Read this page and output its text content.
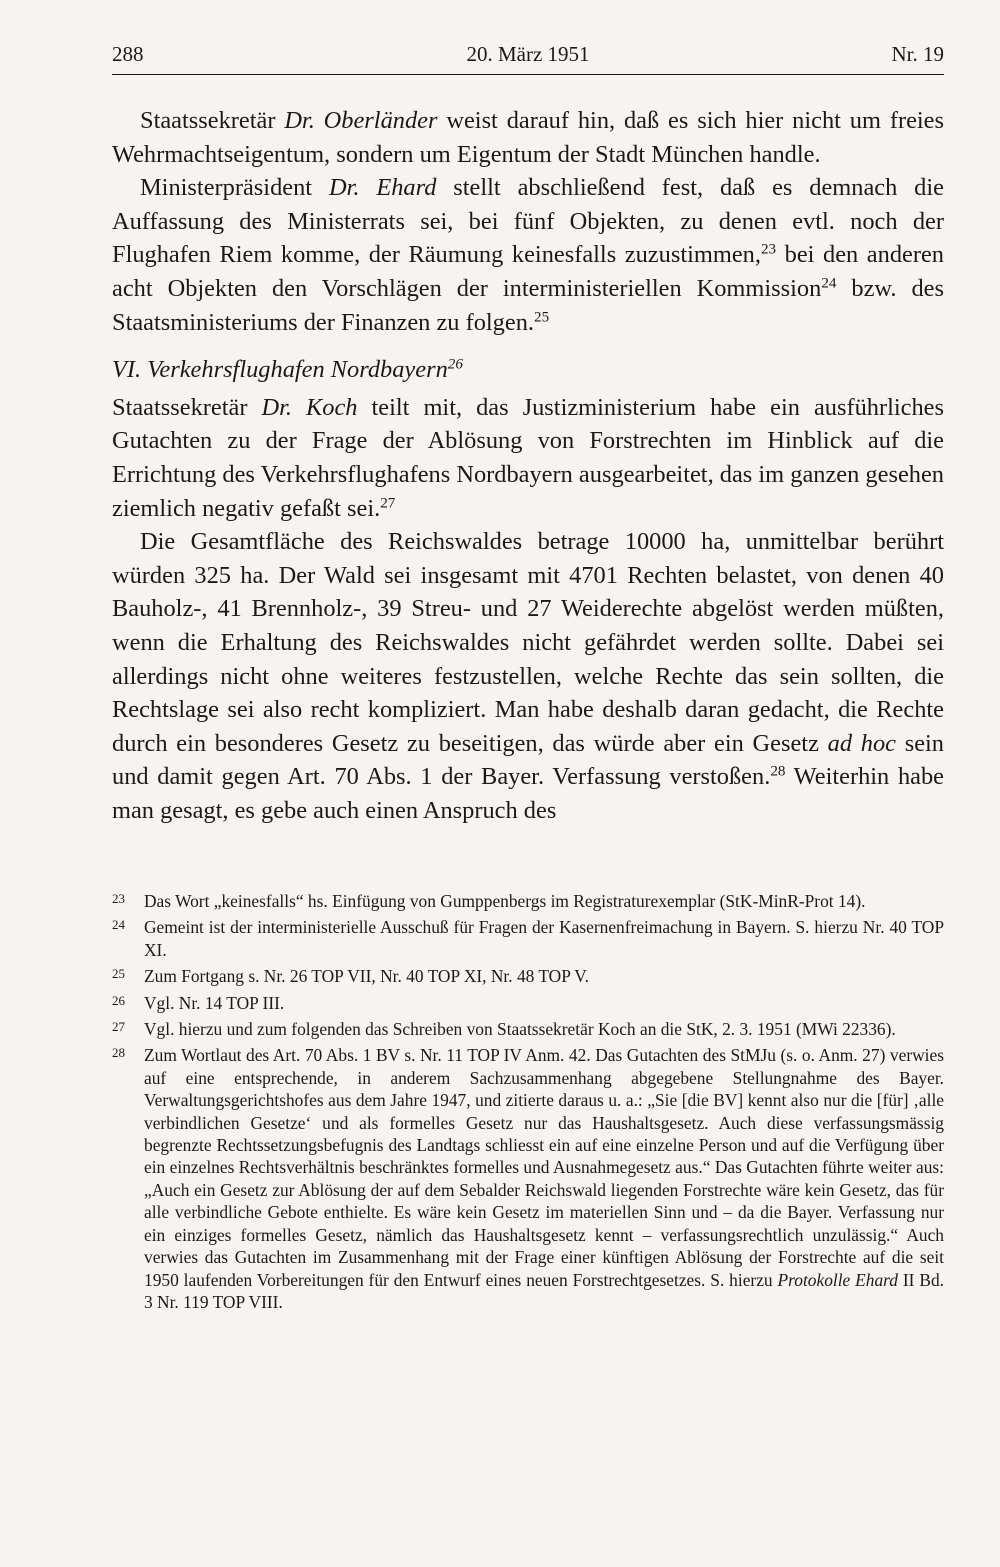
288	20. März 1951	Nr. 19

Staatssekretär Dr. Oberländer weist darauf hin, daß es sich hier nicht um freies Wehrmachtseigentum, sondern um Eigentum der Stadt München handle.

Ministerpräsident Dr. Ehard stellt abschließend fest, daß es demnach die Auffassung des Ministerrats sei, bei fünf Objekten, zu denen evtl. noch der Flughafen Riem komme, der Räumung keinesfalls zuzustimmen,$^{23}$ bei den anderen acht Objekten den Vorschlägen der interministeriellen Kommission$^{24}$ bzw. des Staatsministeriums der Finanzen zu folgen.$^{25}$

VI. Verkehrsflughafen Nordbayern$^{26}$

Staatssekretär Dr. Koch teilt mit, das Justizministerium habe ein ausführliches Gutachten zu der Frage der Ablösung von Forstrechten im Hinblick auf die Errichtung des Verkehrsflughafens Nordbayern ausgearbeitet, das im ganzen gesehen ziemlich negativ gefaßt sei.$^{27}$

Die Gesamtfläche des Reichswaldes betrage 10000 ha, unmittelbar berührt würden 325 ha. Der Wald sei insgesamt mit 4701 Rechten belastet, von denen 40 Bauholz-, 41 Brennholz-, 39 Streu- und 27 Weiderechte abgelöst werden müßten, wenn die Erhaltung des Reichswaldes nicht gefährdet werden sollte. Dabei sei allerdings nicht ohne weiteres festzustellen, welche Rechte das sein sollten, die Rechtslage sei also recht kompliziert. Man habe deshalb daran gedacht, die Rechte durch ein besonderes Gesetz zu beseitigen, das würde aber ein Gesetz ad hoc sein und damit gegen Art. 70 Abs. 1 der Bayer. Verfassung verstoßen.$^{28}$ Weiterhin habe man gesagt, es gebe auch einen Anspruch des

23 Das Wort „keinesfalls“ hs. Einfügung von Gumppenbergs im Registraturexemplar (StK-MinR-Prot 14).
24 Gemeint ist der interministerielle Ausschuß für Fragen der Kasernenfreimachung in Bayern. S. hierzu Nr. 40 TOP XI.
25 Zum Fortgang s. Nr. 26 TOP VII, Nr. 40 TOP XI, Nr. 48 TOP V.
26 Vgl. Nr. 14 TOP III.
27 Vgl. hierzu und zum folgenden das Schreiben von Staatssekretär Koch an die StK, 2. 3. 1951 (MWi 22336).
28 Zum Wortlaut des Art. 70 Abs. 1 BV s. Nr. 11 TOP IV Anm. 42. Das Gutachten des StMJu (s. o. Anm. 27) verwies auf eine entsprechende, in anderem Sachzusammenhang abgegebene Stellungnahme des Bayer. Verwaltungsgerichtshofes aus dem Jahre 1947, und zitierte daraus u. a.: „Sie [die BV] kennt also nur die [für] ‚alle verbindlichen Gesetze‘ und als formelles Gesetz nur das Haushaltsgesetz. Auch diese verfassungsmässig begrenzte Rechtssetzungsbefugnis des Landtags schliesst ein auf eine einzelne Person und auf die Verfügung über ein einzelnes Rechtsverhältnis beschränktes formelles und Ausnahmegesetz aus.“ Das Gutachten führte weiter aus: „Auch ein Gesetz zur Ablösung der auf dem Sebalder Reichswald liegenden Forstrechte wäre kein Gesetz, das für alle verbindliche Gebote enthielte. Es wäre kein Gesetz im materiellen Sinn und – da die Bayer. Verfassung nur ein einziges formelles Gesetz, nämlich das Haushaltsgesetz kennt – verfassungsrechtlich unzulässig.“ Auch verwies das Gutachten im Zusammenhang mit der Frage einer künftigen Ablösung der Forstrechte auf die seit 1950 laufenden Vorbereitungen für den Entwurf eines neuen Forstrechtgesetzes. S. hierzu Protokolle Ehard II Bd. 3 Nr. 119 TOP VIII.
